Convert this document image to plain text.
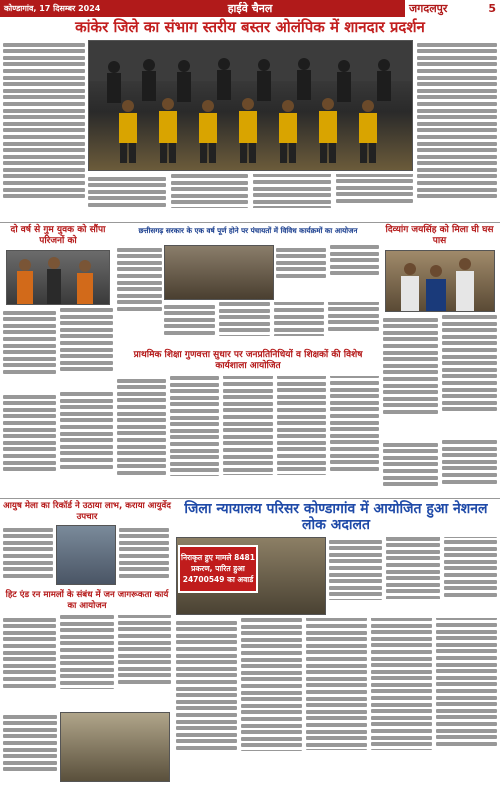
कोण्डागांव, 17 दिसम्बर 2024	हाईवे चैनल	जगदलपुर	5
कांकेर जिले का संभाग स्तरीय बस्तर ओलंपिक में शानदार प्रदर्शन
दो वर्ष से गुम युवक को सौंपा परिजनों को
छत्तीसगढ़ सरकार के एक वर्ष पूर्ण होने पर पंचायतों में विविध कार्यक्रमों का आयोजन	दिव्यांग जयसिंह को मिला घी घस पास
प्राथमिक शिक्षा गुणवत्ता सुधार पर जनप्रतिनिधियों व शिक्षकों की विशेष कार्यशाला आयोजित
आयुष मेला का रिकॉर्ड ने उठाया लाभ, कराया आयुर्वेद उपचार
हिट एंड रन मामलों के संबंध में जन जागरूकता कार्य का आयोजन
जिला न्यायालय परिसर कोण्डागांव में आयोजित हुआ नेशनल लोक अदालत
निराकृत हुए मामले 8481
प्रकरण, पारित हुआ
24700549 का अवार्ड
